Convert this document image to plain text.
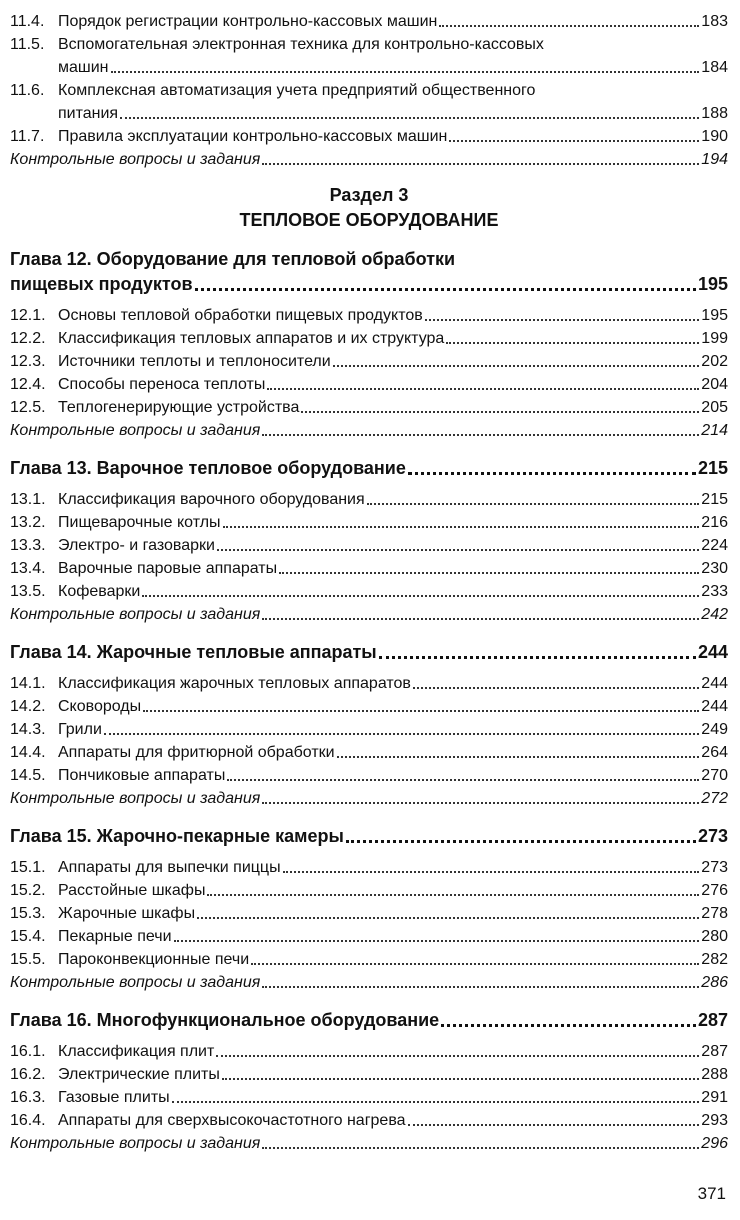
11.4. Порядок регистрации контрольно-кассовых машин	183
11.5. Вспомогательная электронная техника для контрольно-кассовых
машин	184
11.6. Комплексная автоматизация учета предприятий общественного
питания	188
11.7. Правила эксплуатации контрольно-кассовых машин	190
Контрольные вопросы и задания	194
Раздел 3
ТЕПЛОВОЕ ОБОРУДОВАНИЕ
Глава 12. Оборудование для тепловой обработки
пищевых продуктов	195
12.1. Основы тепловой обработки пищевых продуктов	195
12.2. Классификация тепловых аппаратов и их структура	199
12.3. Источники теплоты и теплоносители	202
12.4. Способы переноса теплоты	204
12.5. Теплогенерирующие устройства	205
Контрольные вопросы и задания	214
Глава 13. Варочное тепловое оборудование	215
13.1. Классификация варочного оборудования	215
13.2. Пищеварочные котлы	216
13.3. Электро- и газоварки	224
13.4. Варочные паровые аппараты	230
13.5. Кофеварки	233
Контрольные вопросы и задания	242
Глава 14. Жарочные тепловые аппараты	244
14.1. Классификация жарочных тепловых аппаратов	244
14.2. Сковороды	244
14.3. Грили	249
14.4. Аппараты для фритюрной обработки	264
14.5. Пончиковые аппараты	270
Контрольные вопросы и задания	272
Глава 15. Жарочно-пекарные камеры	273
15.1. Аппараты для выпечки пиццы	273
15.2. Расстойные шкафы	276
15.3. Жарочные шкафы	278
15.4. Пекарные печи	280
15.5. Пароконвекционные печи	282
Контрольные вопросы и задания	286
Глава 16. Многофункциональное оборудование	287
16.1. Классификация плит	287
16.2. Электрические плиты	288
16.3. Газовые плиты	291
16.4. Аппараты для сверхвысокочастотного нагрева	293
Контрольные вопросы и задания	296
371
